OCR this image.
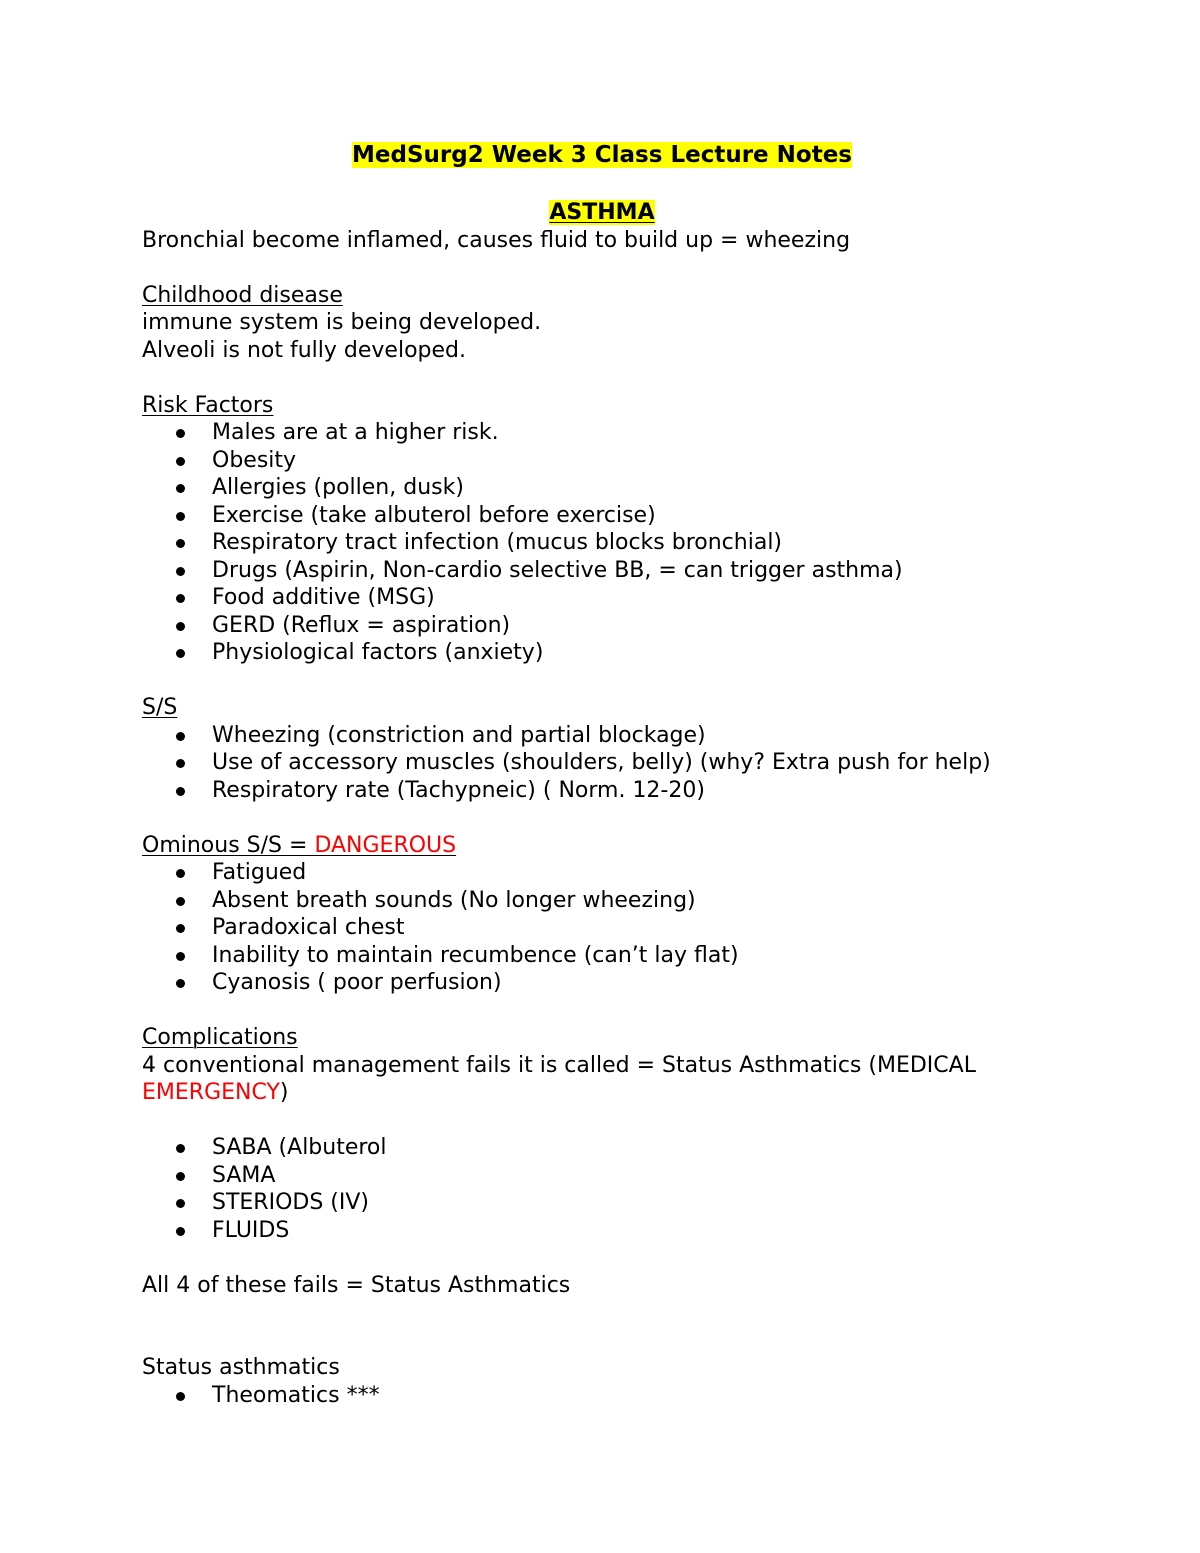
MedSurg2 Week 3 Class Lecture Notes
ASTHMA
Bronchial become inflamed, causes fluid to build up = wheezing
Childhood disease
immune system is being developed.
Alveoli is not fully developed.
Risk Factors
Males are at a higher risk.
Obesity
Allergies (pollen, dusk)
Exercise (take albuterol before exercise)
Respiratory tract infection (mucus blocks bronchial)
Drugs (Aspirin, Non-cardio selective BB, = can trigger asthma)
Food additive (MSG)
GERD (Reflux = aspiration)
Physiological factors (anxiety)
S/S
Wheezing (constriction and partial blockage)
Use of accessory muscles (shoulders, belly) (why? Extra push for help)
Respiratory rate (Tachypneic) ( Norm. 12-20)
Ominous S/S = DANGEROUS
Fatigued
Absent breath sounds (No longer wheezing)
Paradoxical chest
Inability to maintain recumbence (can’t lay flat)
Cyanosis ( poor perfusion)
Complications
4 conventional management fails it is called = Status Asthmatics (MEDICAL
EMERGENCY)
SABA (Albuterol
SAMA
STERIODS (IV)
FLUIDS
All 4 of these fails = Status Asthmatics
Status asthmatics
Theomatics ***
